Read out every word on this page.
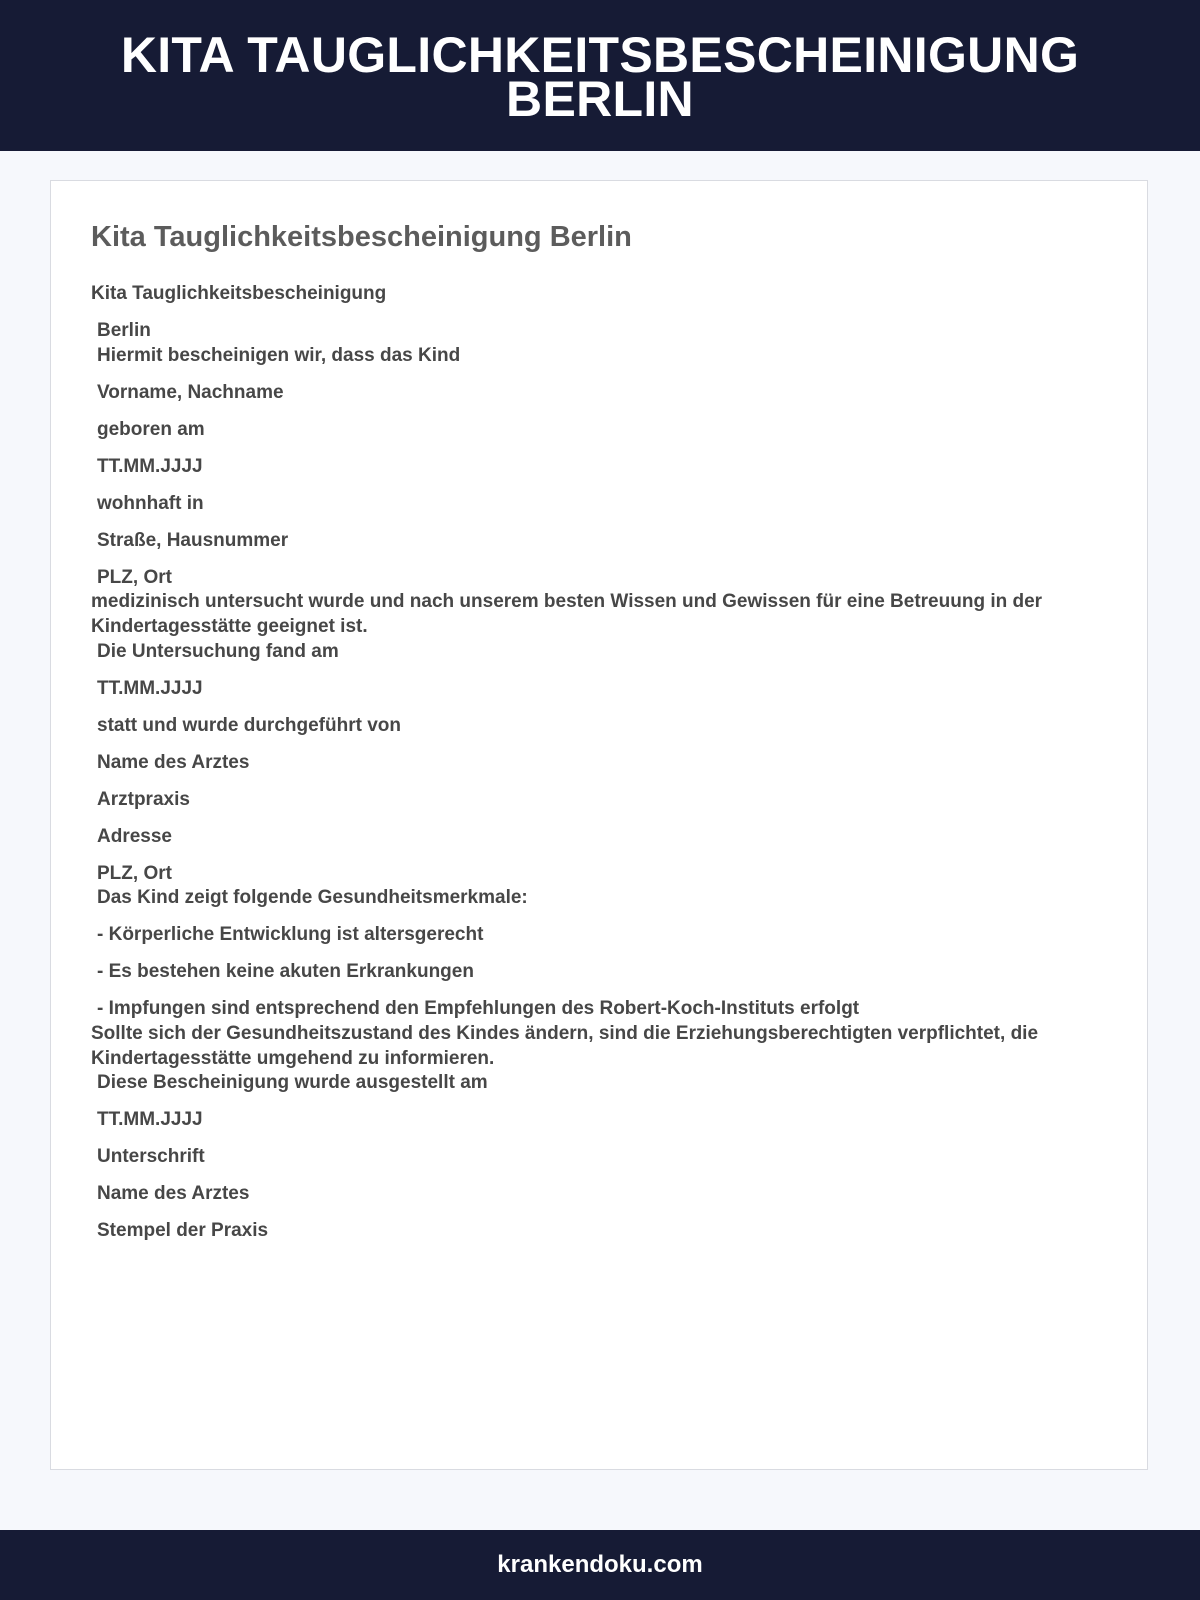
KITA TAUGLICHKEITSBESCHEINIGUNG BERLIN
Kita Tauglichkeitsbescheinigung Berlin
Kita Tauglichkeitsbescheinigung
Berlin
Hiermit bescheinigen wir, dass das Kind
Vorname, Nachname
geboren am
TT.MM.JJJJ
wohnhaft in
Straße, Hausnummer
PLZ, Ort
medizinisch untersucht wurde und nach unserem besten Wissen und Gewissen für eine Betreuung in der Kindertagesstätte geeignet ist.
Die Untersuchung fand am
TT.MM.JJJJ
statt und wurde durchgeführt von
Name des Arztes
Arztpraxis
Adresse
PLZ, Ort
Das Kind zeigt folgende Gesundheitsmerkmale:
- Körperliche Entwicklung ist altersgerecht
- Es bestehen keine akuten Erkrankungen
- Impfungen sind entsprechend den Empfehlungen des Robert-Koch-Instituts erfolgt
Sollte sich der Gesundheitszustand des Kindes ändern, sind die Erziehungsberechtigten verpflichtet, die Kindertagesstätte umgehend zu informieren.
Diese Bescheinigung wurde ausgestellt am
TT.MM.JJJJ
Unterschrift
Name des Arztes
Stempel der Praxis
krankendoku.com
